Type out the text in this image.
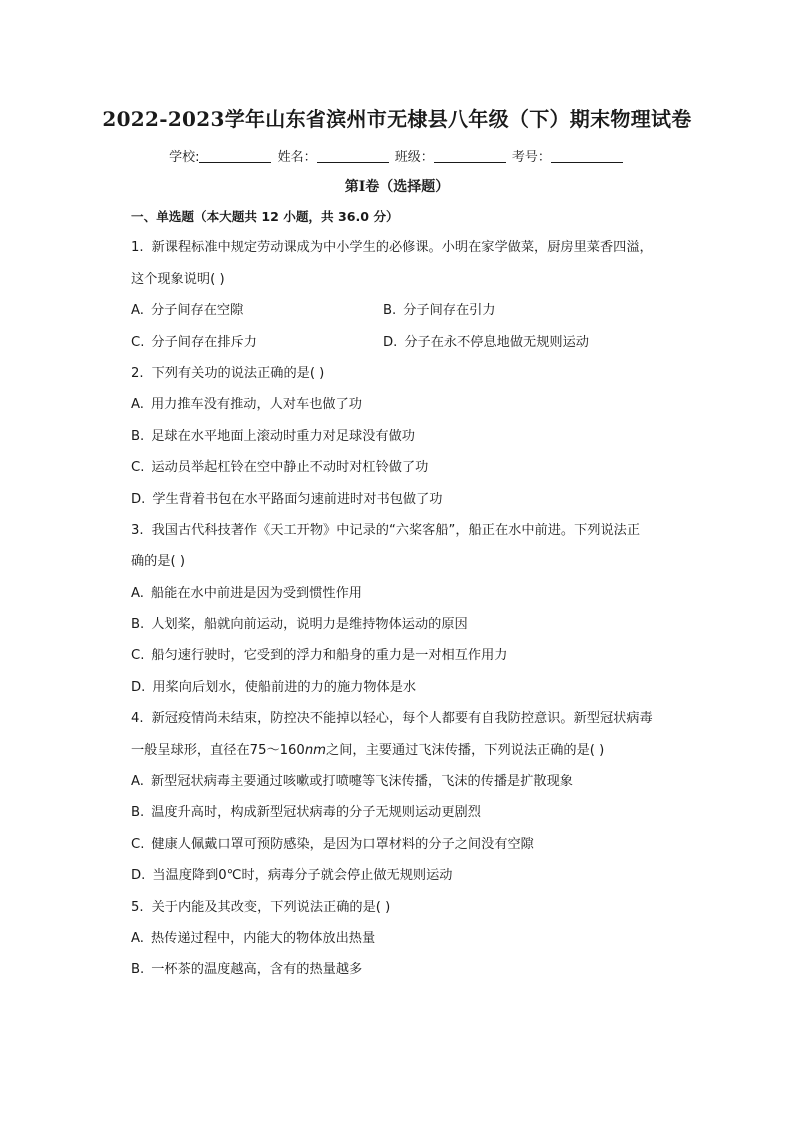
2022-2023学年山东省滨州市无棣县八年级（下）期末物理试卷
学校:	姓名：	班级：	考号：
第I卷（选择题）
一、单选题（本大题共 12 小题，共 36.0 分）
1. 新课程标准中规定劳动课成为中小学生的必修课。小明在家学做菜，厨房里菜香四溢，
这个现象说明( )
A. 分子间存在空隙	B. 分子间存在引力
C. 分子间存在排斥力	D. 分子在永不停息地做无规则运动
2. 下列有关功的说法正确的是( )
A. 用力推车没有推动，人对车也做了功
B. 足球在水平地面上滚动时重力对足球没有做功
C. 运动员举起杠铃在空中静止不动时对杠铃做了功
D. 学生背着书包在水平路面匀速前进时对书包做了功
3. 我国古代科技著作《天工开物》中记录的“六桨客船”，船正在水中前进。下列说法正
确的是( )
A. 船能在水中前进是因为受到惯性作用
B. 人划桨，船就向前运动，说明力是维持物体运动的原因
C. 船匀速行驶时，它受到的浮力和船身的重力是一对相互作用力
D. 用桨向后划水，使船前进的力的施力物体是水
4. 新冠疫情尚未结束，防控决不能掉以轻心，每个人都要有自我防控意识。新型冠状病毒
一般呈球形，直径在75～160nm之间，主要通过飞沫传播，下列说法正确的是( )
A. 新型冠状病毒主要通过咳嗽或打喷嚏等飞沫传播，飞沫的传播是扩散现象
B. 温度升高时，构成新型冠状病毒的分子无规则运动更剧烈
C. 健康人佩戴口罩可预防感染，是因为口罩材料的分子之间没有空隙
D. 当温度降到0℃时，病毒分子就会停止做无规则运动
5. 关于内能及其改变，下列说法正确的是( )
A. 热传递过程中，内能大的物体放出热量
B. 一杯茶的温度越高，含有的热量越多
